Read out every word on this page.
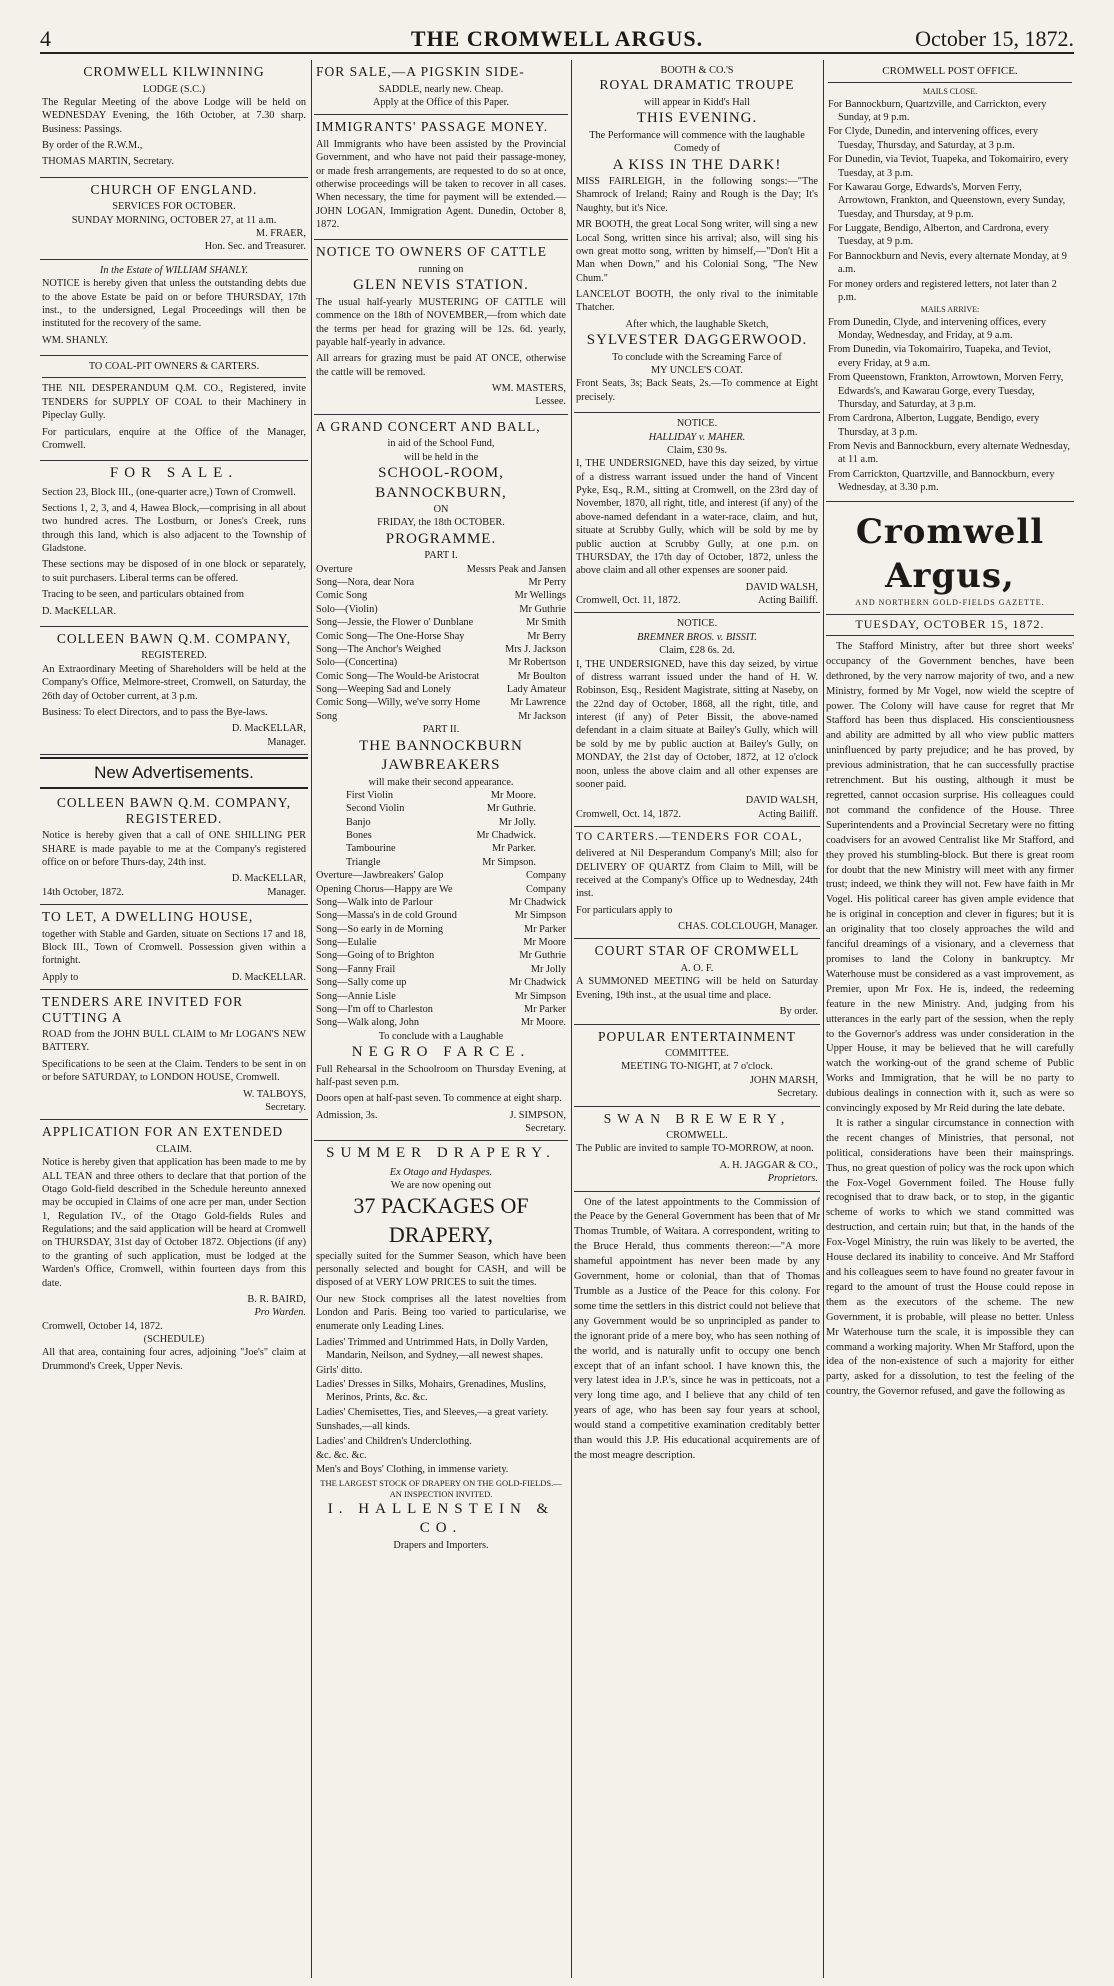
4	THE CROMWELL ARGUS.	October 15, 1872.
CROMWELL KILWINNING
LODGE (S.C.)

The Regular Meeting of the above Lodge will be held on WEDNESDAY Evening, the 16th October, at 7.30 sharp. Business: Passings.

By order of the R.W.M.,

THOMAS MARTIN, Secretary.

CHURCH OF ENGLAND.
SERVICES FOR OCTOBER.
SUNDAY MORNING, OCTOBER 27, at 11 a.m.
M. FRAER,
Hon. Sec. and Treasurer.
In the Estate of WILLIAM SHANLY.

NOTICE is hereby given that unless the outstanding debts due to the above Estate be paid on or before THURSDAY, 17th inst., to the undersigned, Legal Proceedings will then be instituted for the recovery of the same.

WM. SHANLY.

TO COAL-PIT OWNERS & CARTERS.

THE NIL DESPERANDUM Q.M. CO., Registered, invite TENDERS for SUPPLY OF COAL to their Machinery in Pipeclay Gully.

For particulars, enquire at the Office of the Manager, Cromwell.

FOR SALE.

Section 23, Block III., (one-quarter acre,) Town of Cromwell.

Sections 1, 2, 3, and 4, Hawea Block,—comprising in all about two hundred acres. The Lostburn, or Jones's Creek, runs through this land, which is also adjacent to the Township of Gladstone.

These sections may be disposed of in one block or separately, to suit purchasers. Liberal terms can be offered.

Tracing to be seen, and particulars obtained from

D. MacKELLAR.

COLLEEN BAWN Q.M. COMPANY,
REGISTERED.

An Extraordinary Meeting of Shareholders will be held at the Company's Office, Melmore-street, Cromwell, on Saturday, the 26th day of October current, at 3 p.m.

Business: To elect Directors, and to pass the Bye-laws.

D. MacKELLAR,
Manager.
New Advertisements.
COLLEEN BAWN Q.M. COMPANY, REGISTERED.

Notice is hereby given that a call of ONE SHILLING PER SHARE is made payable to me at the Company's registered office on or before Thurs-day, 24th inst.

D. MacKELLAR,
14th October, 1872.	Manager.
TO LET, A DWELLING HOUSE,

together with Stable and Garden, situate on Sections 17 and 18, Block III., Town of Cromwell. Possession given within a fortnight.

Apply to	D. MacKELLAR.
TENDERS ARE INVITED FOR CUTTING A

ROAD from the JOHN BULL CLAIM to Mr LOGAN'S NEW BATTERY.

Specifications to be seen at the Claim. Tenders to be sent in on or before SATURDAY, to LONDON HOUSE, Cromwell.

W. TALBOYS,
Secretary.
APPLICATION FOR AN EXTENDED
CLAIM.

Notice is hereby given that application has been made to me by ALL TEAN and three others to declare that that portion of the Otago Gold-field described in the Schedule hereunto annexed may be occupied in Claims of one acre per man, under Section 1, Regulation IV., of the Otago Gold-fields Rules and Regulations; and the said application will be heard at Cromwell on THURSDAY, 31st day of October 1872. Objections (if any) to the granting of such application, must be lodged at the Warden's Office, Cromwell, within fourteen days from this date.

B. R. BAIRD,
Pro Warden.
Cromwell, October 14, 1872.
(SCHEDULE)

All that area, containing four acres, adjoining "Joe's" claim at Drummond's Creek, Upper Nevis.

FOR SALE,—A PIGSKIN SIDE-
SADDLE, nearly new. Cheap.
Apply at the Office of this Paper.
IMMIGRANTS' PASSAGE MONEY.

All Immigrants who have been assisted by the Provincial Government, and who have not paid their passage-money, or made fresh arrangements, are requested to do so at once, otherwise proceedings will be taken to recover in all cases. When necessary, the time for payment will be extended.—JOHN LOGAN, Immigration Agent. Dunedin, October 8, 1872.

NOTICE TO OWNERS OF CATTLE
running on
GLEN NEVIS STATION.

The usual half-yearly MUSTERING OF CATTLE will commence on the 18th of NOVEMBER,—from which date the terms per head for grazing will be 12s. 6d. yearly, payable half-yearly in advance.

All arrears for grazing must be paid AT ONCE, otherwise the cattle will be removed.

WM. MASTERS,
Lessee.
A GRAND CONCERT AND BALL,
in aid of the School Fund,
will be held in the
SCHOOL-ROOM, BANNOCKBURN,
ON
FRIDAY, the 18th OCTOBER.
PROGRAMME.
PART I.
Overture	Messrs Peak and Jansen
Song—Nora, dear Nora	Mr Perry
Comic Song	Mr Wellings
Solo—(Violin)	Mr Guthrie
Song—Jessie, the Flower o' Dunblane	Mr Smith
Comic Song—The One-Horse Shay	Mr Berry
Song—The Anchor's Weighed	Mrs J. Jackson
Solo—(Concertina)	Mr Robertson
Comic Song—The Would-be Aristocrat	Mr Boulton
Song—Weeping Sad and Lonely	Lady Amateur
Comic Song—Willy, we've sorry Home	Mr Lawrence
Song	Mr Jackson
PART II.
THE BANNOCKBURN JAWBREAKERS
will make their second appearance.
First Violin	Mr Moore.
Second Violin	Mr Guthrie.
Banjo	Mr Jolly.
Bones	Mr Chadwick.
Tambourine	Mr Parker.
Triangle	Mr Simpson.
Overture—Jawbreakers' Galop	Company
Opening Chorus—Happy are We	Company
Song—Walk into de Parlour	Mr Chadwick
Song—Massa's in de cold Ground	Mr Simpson
Song—So early in de Morning	Mr Parker
Song—Eulalie	Mr Moore
Song—Going of to Brighton	Mr Guthrie
Song—Fanny Frail	Mr Jolly
Song—Sally come up	Mr Chadwick
Song—Annie Lisle	Mr Simpson
Song—I'm off to Charleston	Mr Parker
Song—Walk along, John	Mr Moore.
To conclude with a Laughable
NEGRO FARCE.

Full Rehearsal in the Schoolroom on Thursday Evening, at half-past seven p.m.

Doors open at half-past seven. To commence at eight sharp.

Admission, 3s.	J. SIMPSON,
Secretary.
SUMMER DRAPERY.
Ex Otago and Hydaspes.
We are now opening out
37 PACKAGES OF DRAPERY,

specially suited for the Summer Season, which have been personally selected and bought for CASH, and will be disposed of at VERY LOW PRICES to suit the times.

Our new Stock comprises all the latest novelties from London and Paris. Being too varied to particularise, we enumerate only Leading Lines.

Ladies' Trimmed and Untrimmed Hats, in Dolly Varden, Mandarin, Neilson, and Sydney,—all newest shapes.
Girls' ditto.
Ladies' Dresses in Silks, Mohairs, Grenadines, Muslins, Merinos, Prints, &c. &c.
Ladies' Chemisettes, Ties, and Sleeves,—a great variety.
Sunshades,—all kinds.
Ladies' and Children's Underclothing.
&c. &c. &c.
Men's and Boys' Clothing, in immense variety.
THE LARGEST STOCK OF DRAPERY ON THE GOLD-FIELDS.—AN INSPECTION INVITED.
I. HALLENSTEIN & CO.
Drapers and Importers.
BOOTH & CO.'S
ROYAL DRAMATIC TROUPE
will appear in Kidd's Hall
THIS EVENING.
The Performance will commence with the laughable Comedy of
A KISS IN THE DARK!

MISS FAIRLEIGH, in the following songs:—"The Shamrock of Ireland; Rainy and Rough is the Day; It's Naughty, but it's Nice.

MR BOOTH, the great Local Song writer, will sing a new Local Song, written since his arrival; also, will sing his own great motto song, written by himself,—"Don't Hit a Man when Down," and his Colonial Song, "The New Chum."

LANCELOT BOOTH, the only rival to the inimitable Thatcher.

After which, the laughable Sketch,
SYLVESTER DAGGERWOOD.
To conclude with the Screaming Farce of
MY UNCLE'S COAT.

Front Seats, 3s; Back Seats, 2s.—To commence at Eight precisely.

NOTICE.
HALLIDAY v. MAHER.
Claim, £30 9s.

I, THE UNDERSIGNED, have this day seized, by virtue of a distress warrant issued under the hand of Vincent Pyke, Esq., R.M., sitting at Cromwell, on the 23rd day of November, 1870, all right, title, and interest (if any) of the above-named defendant in a water-race, claim, and hut, situate at Scrubby Gully, which will be sold by me by public auction at Scrubby Gully, at one p.m. on THURSDAY, the 17th day of October, 1872, unless the above claim and all other expenses are sooner paid.

DAVID WALSH,
Cromwell, Oct. 11, 1872.	Acting Bailiff.
NOTICE.
BREMNER BROS. v. BISSIT.
Claim, £28 6s. 2d.

I, THE UNDERSIGNED, have this day seized, by virtue of distress warrant issued under the hand of H. W. Robinson, Esq., Resident Magistrate, sitting at Naseby, on the 22nd day of October, 1868, all the right, title, and interest (if any) of Peter Bissit, the above-named defendant in a claim situate at Bailey's Gully, which will be sold by me by public auction at Bailey's Gully, on MONDAY, the 21st day of October, 1872, at 12 o'clock noon, unless the above claim and all other expenses are sooner paid.

DAVID WALSH,
Cromwell, Oct. 14, 1872.	Acting Bailiff.
TO CARTERS.—TENDERS FOR COAL,

delivered at Nil Desperandum Company's Mill; also for DELIVERY OF QUARTZ from Claim to Mill, will be received at the Company's Office up to Wednesday, 24th inst.

For particulars apply to

CHAS. COLCLOUGH, Manager.
COURT STAR OF CROMWELL
A. O. F.

A SUMMONED MEETING will be held on Saturday Evening, 19th inst., at the usual time and place.

By order.
POPULAR ENTERTAINMENT
COMMITTEE.
MEETING TO-NIGHT, at 7 o'clock.
JOHN MARSH,
Secretary.
SWAN BREWERY,
CROMWELL.

The Public are invited to sample TO-MORROW, at noon.

A. H. JAGGAR & CO.,
Proprietors.

One of the latest appointments to the Commission of the Peace by the General Government has been that of Mr Thomas Trumble, of Waitara. A correspondent, writing to the Bruce Herald, thus comments thereon:—"A more shameful appointment has never been made by any Government, home or colonial, than that of Thomas Trumble as a Justice of the Peace for this colony. For some time the settlers in this district could not believe that any Government would be so unprincipled as pander to the ignorant pride of a mere boy, who has seen nothing of the world, and is naturally unfit to occupy one bench except that of an infant school. I have known this, the very latest idea in J.P.'s, since he was in petticoats, not a very long time ago, and I believe that any child of ten years of age, who has been say four years at school, would stand a competitive examination creditably better than would this J.P. His educational acquirements are of the most meagre description.

CROMWELL POST OFFICE.
MAILS CLOSE.
For Bannockburn, Quartzville, and Carrickton, every Sunday, at 9 p.m.
For Clyde, Dunedin, and intervening offices, every Tuesday, Thursday, and Saturday, at 3 p.m.
For Dunedin, via Teviot, Tuapeka, and Tokomairiro, every Tuesday, at 3 p.m.
For Kawarau Gorge, Edwards's, Morven Ferry, Arrowtown, Frankton, and Queenstown, every Sunday, Tuesday, and Thursday, at 9 p.m.
For Luggate, Bendigo, Alberton, and Cardrona, every Tuesday, at 9 p.m.
For Bannockburn and Nevis, every alternate Monday, at 9 a.m.
For money orders and registered letters, not later than 2 p.m.
MAILS ARRIVE:
From Dunedin, Clyde, and intervening offices, every Monday, Wednesday, and Friday, at 9 a.m.
From Dunedin, via Tokomairiro, Tuapeka, and Teviot, every Friday, at 9 a.m.
From Queenstown, Frankton, Arrowtown, Morven Ferry, Edwards's, and Kawarau Gorge, every Tuesday, Thursday, and Saturday, at 3 p.m.
From Cardrona, Alberton, Luggate, Bendigo, every Thursday, at 3 p.m.
From Nevis and Bannockburn, every alternate Wednesday, at 11 a.m.
From Carrickton, Quartzville, and Bannockburn, every Wednesday, at 3.30 p.m.
Cromwell Argus,
AND NORTHERN GOLD-FIELDS GAZETTE.
TUESDAY, OCTOBER 15, 1872.

The Stafford Ministry, after but three short weeks' occupancy of the Government benches, have been dethroned, by the very narrow majority of two, and a new Ministry, formed by Mr Vogel, now wield the sceptre of power. The Colony will have cause for regret that Mr Stafford has been thus displaced. His conscientiousness and ability are admitted by all who view public matters uninfluenced by party prejudice; and he has proved, by previous administration, that he can successfully practise retrenchment. But his ousting, although it must be regretted, cannot occasion surprise. His colleagues could not command the confidence of the House. Three Superintendents and a Provincial Secretary were no fitting coadvisers for an avowed Centralist like Mr Stafford, and they proved his stumbling-block. But there is great room for doubt that the new Ministry will meet with any firmer trust; indeed, we think they will not. Few have faith in Mr Vogel. His political career has given ample evidence that he is original in conception and clever in figures; but it is an originality that too closely approaches the wild and fanciful dreamings of a visionary, and a cleverness that promises to land the Colony in bankruptcy. Mr Waterhouse must be considered as a vast improvement, as Premier, upon Mr Fox. He is, indeed, the redeeming feature in the new Ministry. And, judging from his utterances in the early part of the session, when the reply to the Governor's address was under consideration in the Upper House, it may be believed that he will carefully watch the working-out of the grand scheme of Public Works and Immigration, that he will be no party to dubious dealings in connection with it, such as were so convincingly exposed by Mr Reid during the late debate.

It is rather a singular circumstance in connection with the recent changes of Ministries, that personal, not political, considerations have been their mainsprings. Thus, no great question of policy was the rock upon which the Fox-Vogel Government foiled. The House fully recognised that to draw back, or to stop, in the gigantic scheme of works to which we stand committed was destruction, and certain ruin; but that, in the hands of the Fox-Vogel Ministry, the ruin was likely to be averted, the House declared its inability to conceive. And Mr Stafford and his colleagues seem to have found no greater favour in regard to the amount of trust the House could repose in them as the executors of the scheme. The new Government, it is probable, will please no better. Unless Mr Waterhouse turn the scale, it is impossible they can command a working majority. When Mr Stafford, upon the idea of the non-existence of such a majority for either party, asked for a dissolution, to test the feeling of the country, the Governor refused, and gave the following as
